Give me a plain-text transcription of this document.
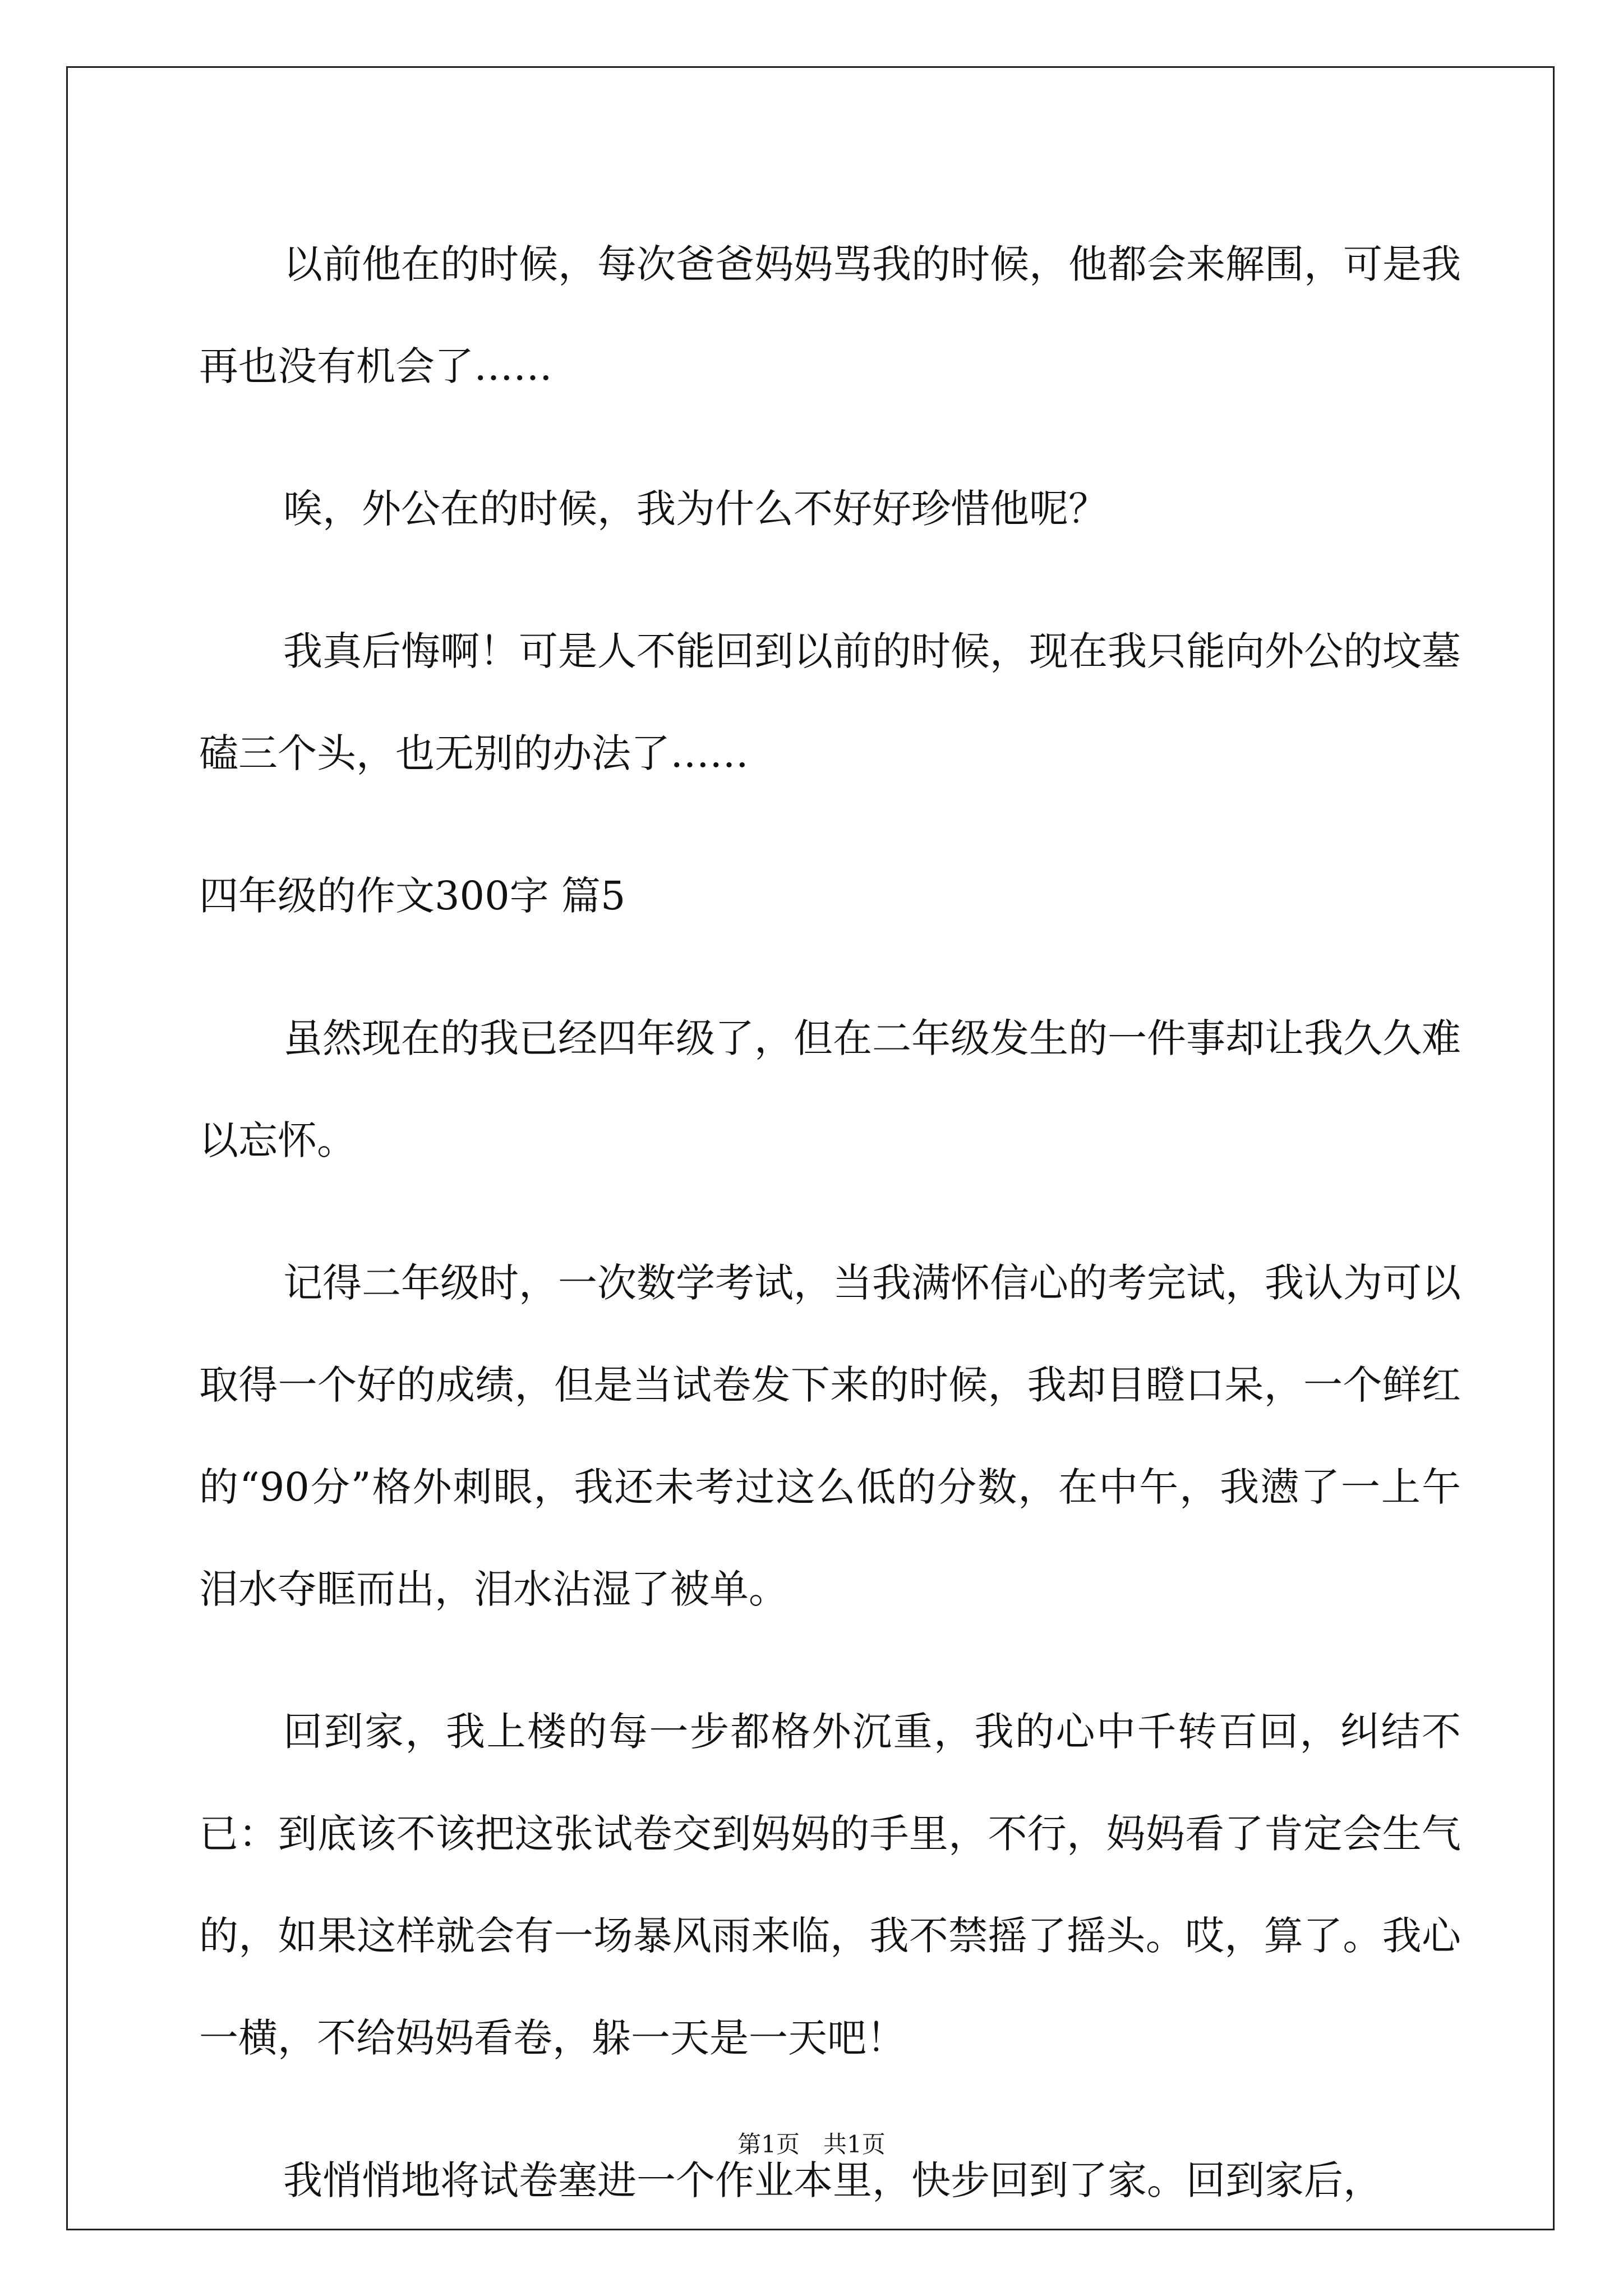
以前他在的时候，每次爸爸妈妈骂我的时候，他都会来解围，可是我再也没有机会了……

唉，外公在的时候，我为什么不好好珍惜他呢？

我真后悔啊！可是人不能回到以前的时候，现在我只能向外公的坟墓磕三个头，也无别的办法了……

四年级的作文300字 篇5

虽然现在的我已经四年级了，但在二年级发生的一件事却让我久久难以忘怀。

记得二年级时，一次数学考试，当我满怀信心的考完试，我认为可以取得一个好的成绩，但是当试卷发下来的时候，我却目瞪口呆，一个鲜红的“90分”格外刺眼，我还未考过这么低的分数，在中午，我懑了一上午泪水夺眶而出，泪水沾湿了被单。

回到家，我上楼的每一步都格外沉重，我的心中千转百回，纠结不已：到底该不该把这张试卷交到妈妈的手里，不行，妈妈看了肯定会生气的，如果这样就会有一场暴风雨来临，我不禁摇了摇头。哎，算了。我心一横，不给妈妈看卷，躲一天是一天吧！

我悄悄地将试卷塞进一个作业本里，快步回到了家。回到家后，

第1页　共1页
